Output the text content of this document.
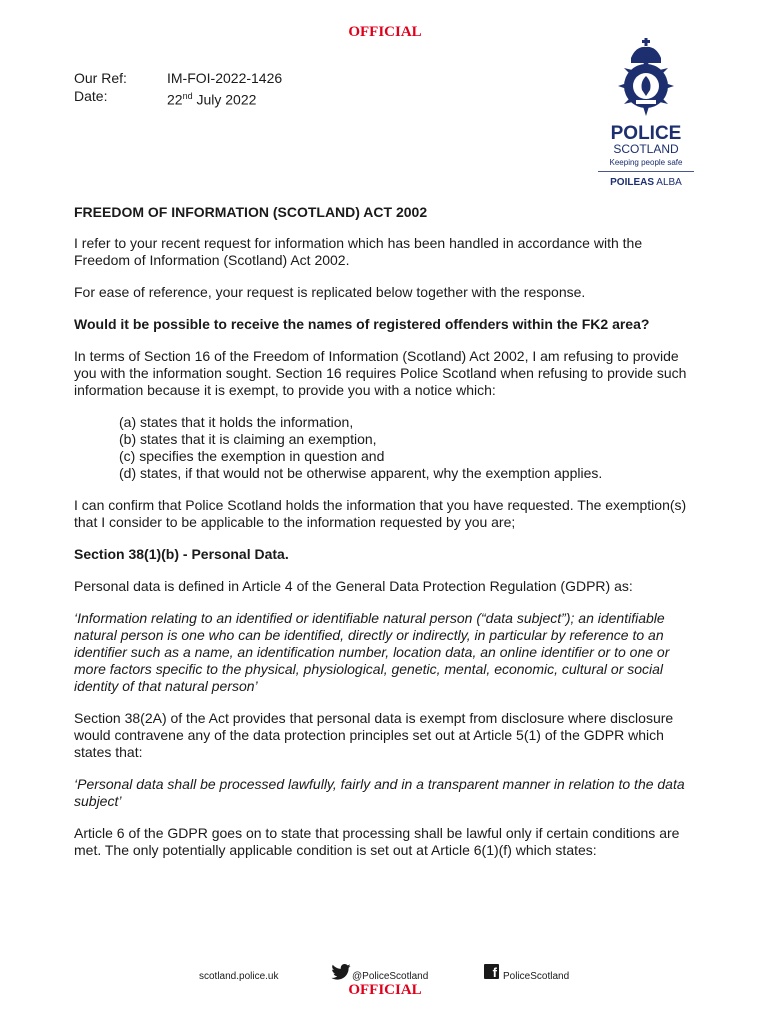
OFFICIAL
Our Ref:	IM-FOI-2022-1426
Date:	22nd July 2022
POLICE
SCOTLAND
Keeping people safe
POILEAS ALBA

FREEDOM OF INFORMATION (SCOTLAND) ACT 2002

I refer to your recent request for information which has been handled in accordance with the Freedom of Information (Scotland) Act 2002.

For ease of reference, your request is replicated below together with the response.

Would it be possible to receive the names of registered offenders within the FK2 area?

In terms of Section 16 of the Freedom of Information (Scotland) Act 2002, I am refusing to provide you with the information sought. Section 16 requires Police Scotland when refusing to provide such information because it is exempt, to provide you with a notice which:

(a) states that it holds the information,
(b) states that it is claiming an exemption,
(c) specifies the exemption in question and
(d) states, if that would not be otherwise apparent, why the exemption applies.

I can confirm that Police Scotland holds the information that you have requested. The exemption(s) that I consider to be applicable to the information requested by you are;

Section 38(1)(b) - Personal Data.

Personal data is defined in Article 4 of the General Data Protection Regulation (GDPR) as:

‘Information relating to an identified or identifiable natural person (“data subject”); an identifiable natural person is one who can be identified, directly or indirectly, in particular by reference to an identifier such as a name, an identification number, location data, an online identifier or to one or more factors specific to the physical, physiological, genetic, mental, economic, cultural or social identity of that natural person’

Section 38(2A) of the Act provides that personal data is exempt from disclosure where disclosure would contravene any of the data protection principles set out at Article 5(1) of the GDPR which states that:

‘Personal data shall be processed lawfully, fairly and in a transparent manner in relation to the data subject’

Article 6 of the GDPR goes on to state that processing shall be lawful only if certain conditions are met. The only potentially applicable condition is set out at Article 6(1)(f) which states:

scotland.police.uk	@PoliceScotland	f PoliceScotland
OFFICIAL
